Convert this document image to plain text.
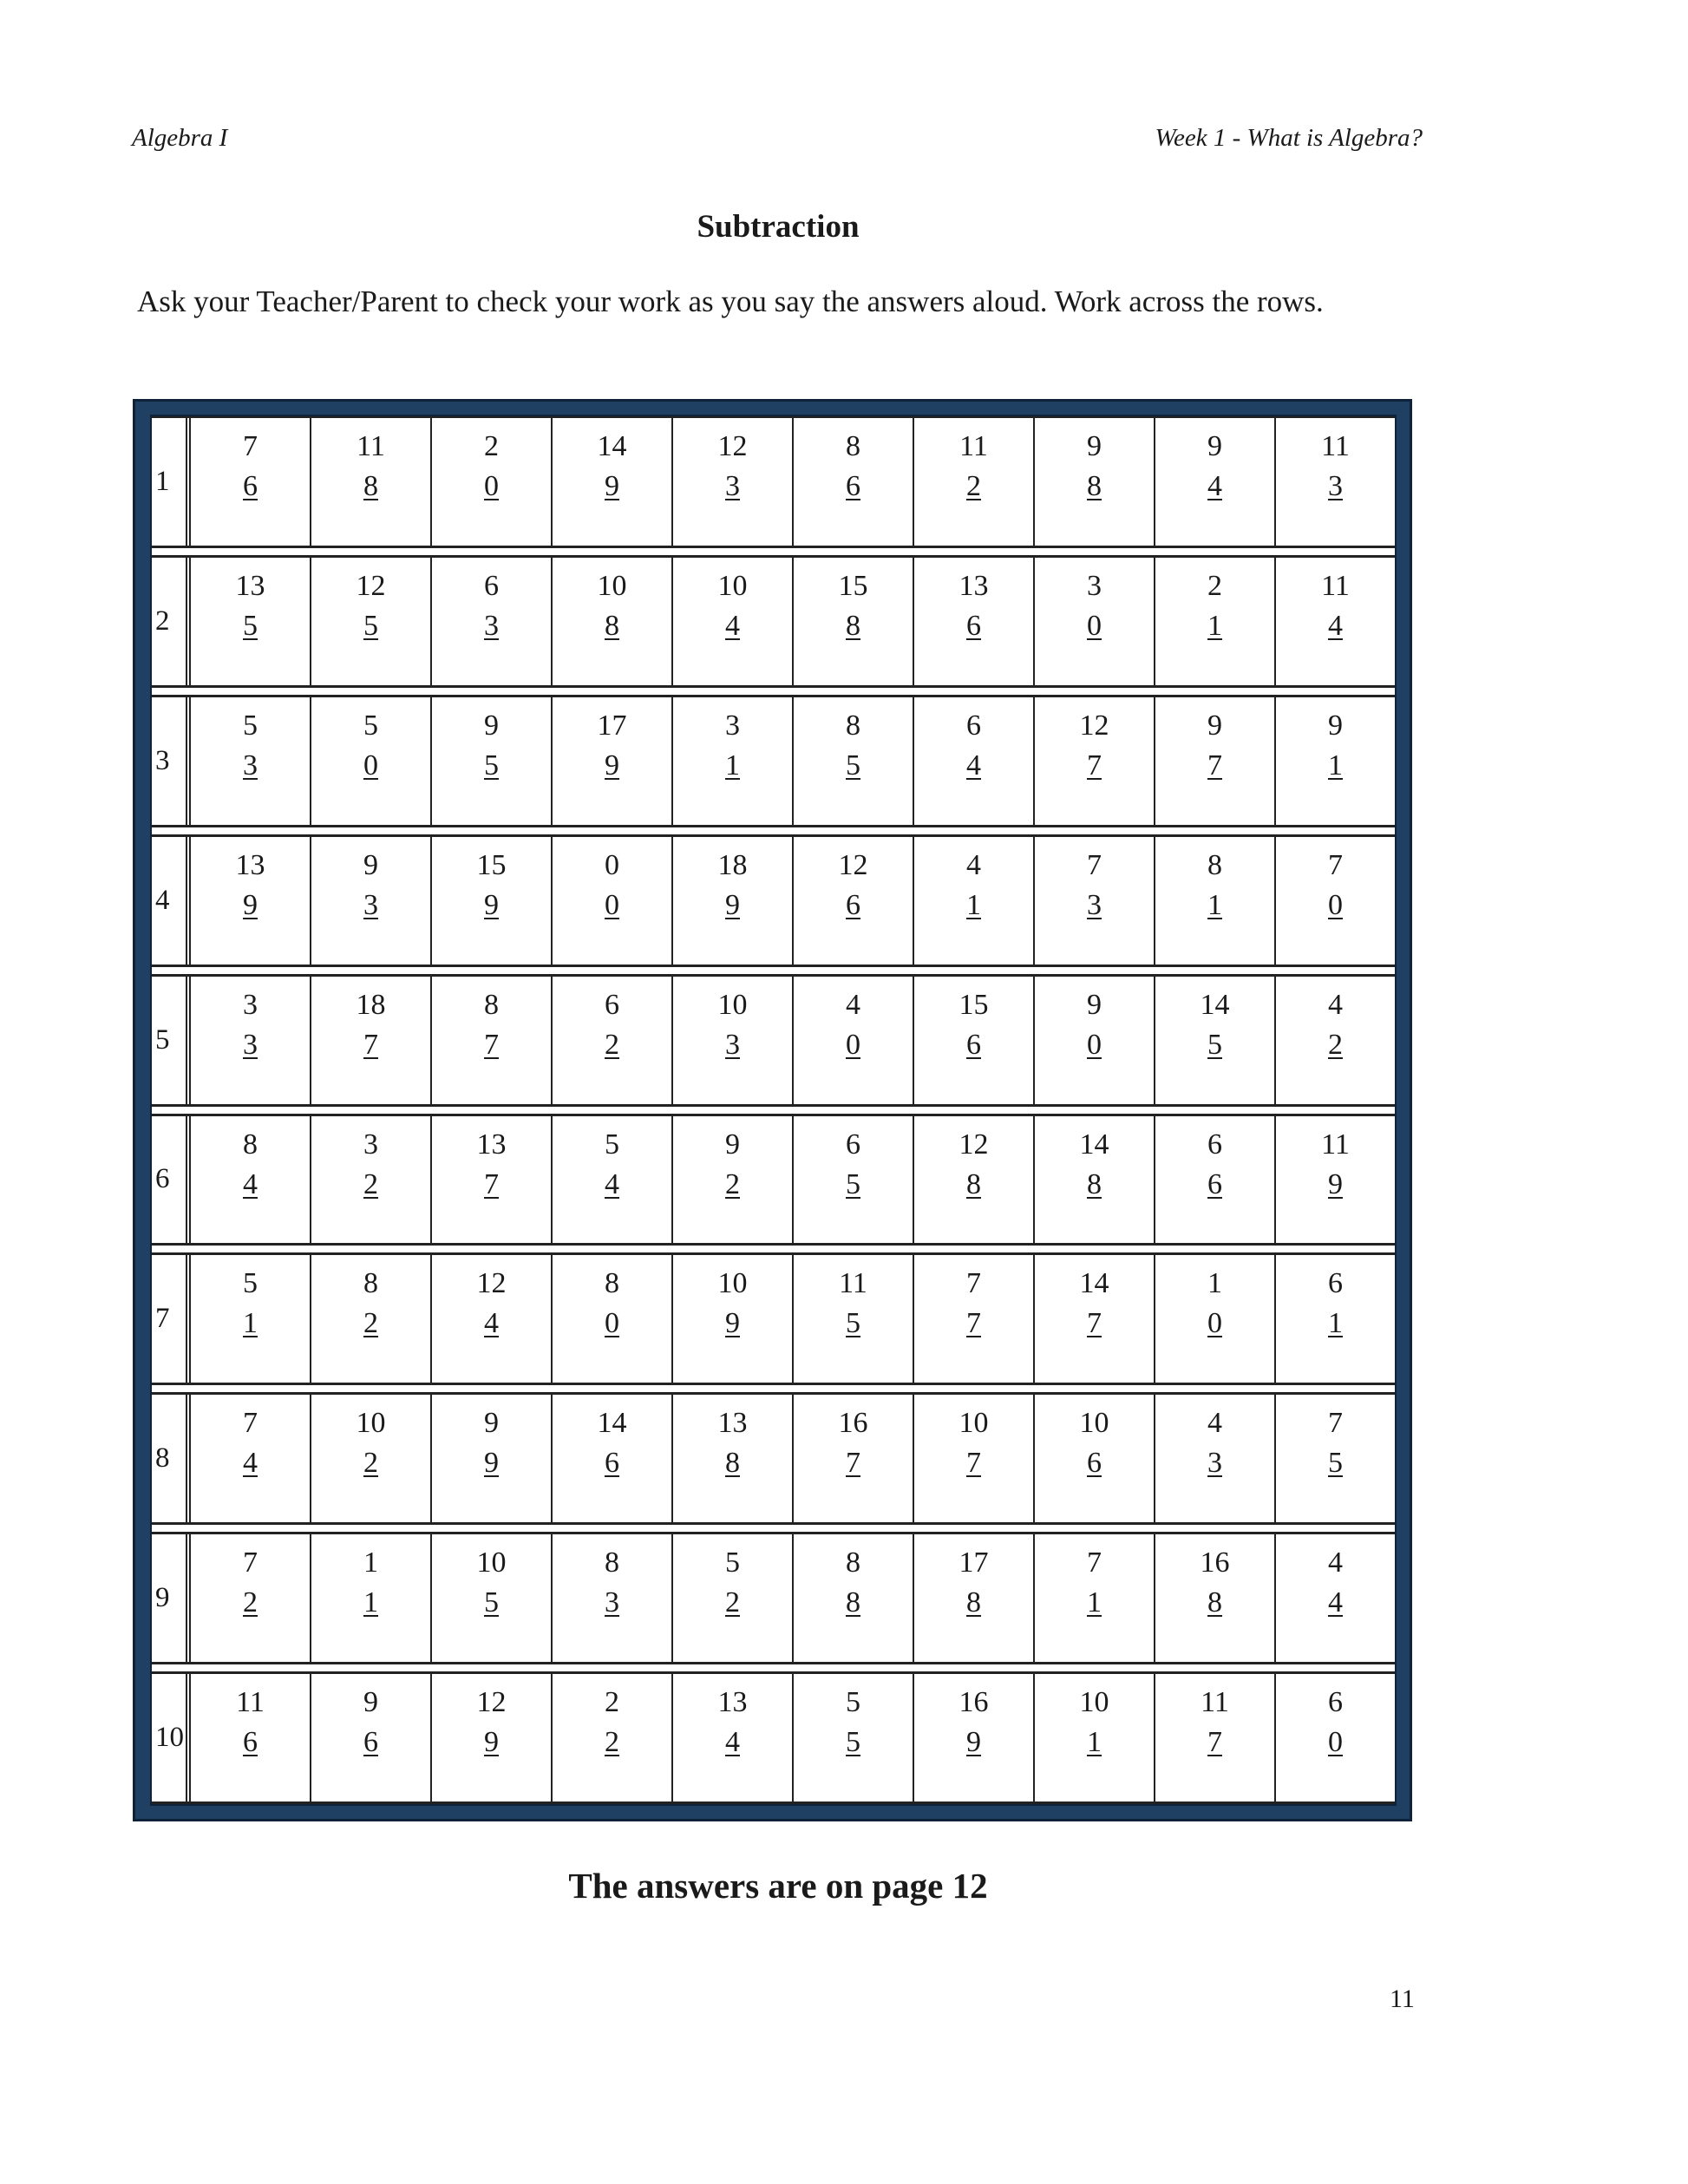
Algebra I	Week 1 - What is Algebra?
Subtraction
Ask your Teacher/Parent to check your work as you say the answers aloud. Work across the rows.
1
7
6
11
8
2
0
14
9
12
3
8
6
11
2
9
8
9
4
11
3
2
13
5
12
5
6
3
10
8
10
4
15
8
13
6
3
0
2
1
11
4
3
5
3
5
0
9
5
17
9
3
1
8
5
6
4
12
7
9
7
9
1
4
13
9
9
3
15
9
0
0
18
9
12
6
4
1
7
3
8
1
7
0
5
3
3
18
7
8
7
6
2
10
3
4
0
15
6
9
0
14
5
4
2
6
8
4
3
2
13
7
5
4
9
2
6
5
12
8
14
8
6
6
11
9
7
5
1
8
2
12
4
8
0
10
9
11
5
7
7
14
7
1
0
6
1
8
7
4
10
2
9
9
14
6
13
8
16
7
10
7
10
6
4
3
7
5
9
7
2
1
1
10
5
8
3
5
2
8
8
17
8
7
1
16
8
4
4
10
11
6
9
6
12
9
2
2
13
4
5
5
16
9
10
1
11
7
6
0
The answers are on page 12
11
